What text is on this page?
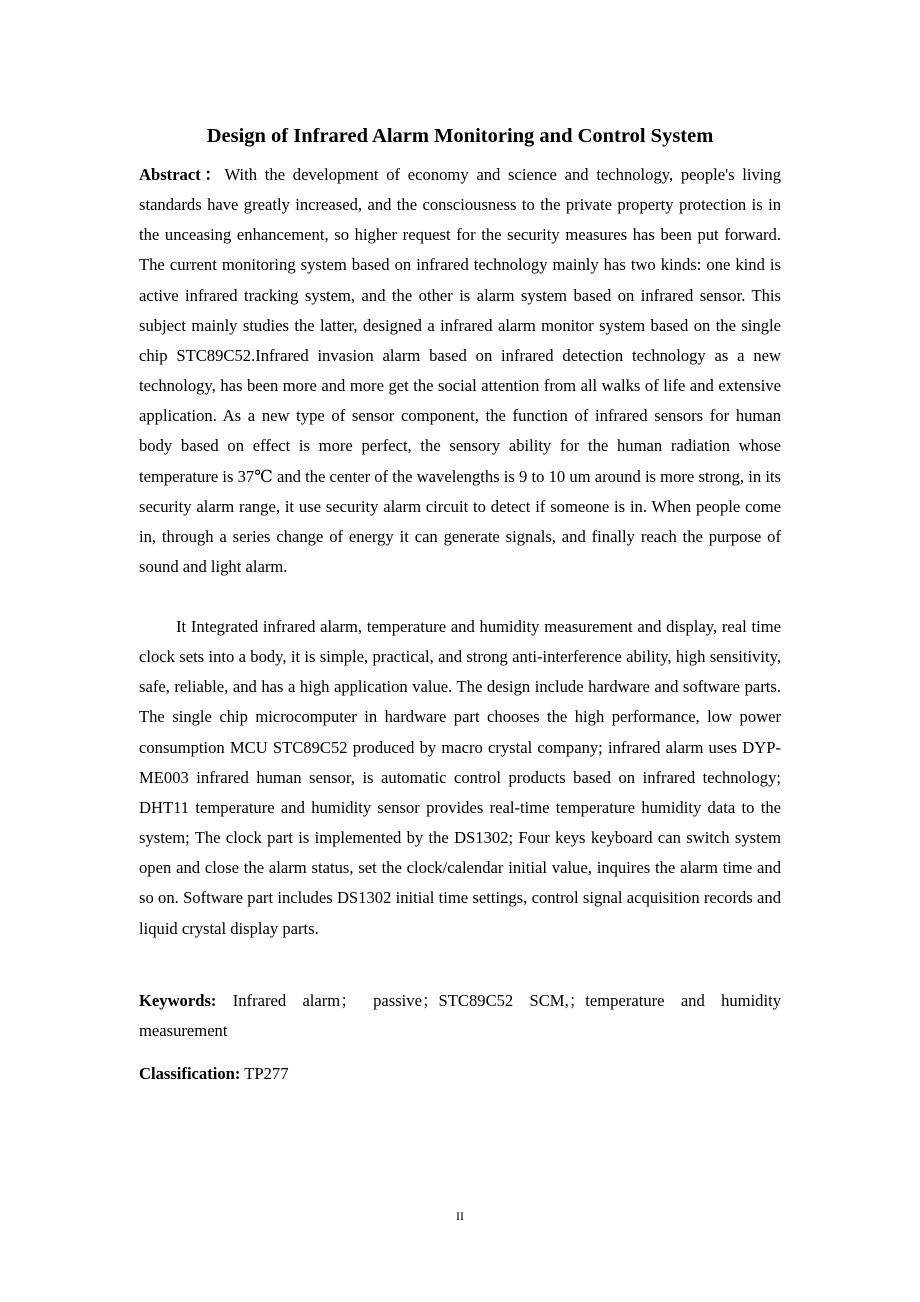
Design of Infrared Alarm Monitoring and Control System

Abstract：With the development of economy and science and technology, people's living standards have greatly increased, and the consciousness to the private property protection is in the unceasing enhancement, so higher request for the security measures has been put forward. The current monitoring system based on infrared technology mainly has two kinds: one kind is active infrared tracking system, and the other is alarm system based on infrared sensor. This subject mainly studies the latter, designed a infrared alarm monitor system based on the single chip STC89C52.Infrared invasion alarm based on infrared detection technology as a new technology, has been more and more get the social attention from all walks of life and extensive application. As a new type of sensor component, the function of infrared sensors for human body based on effect is more perfect, the sensory ability for the human radiation whose temperature is 37℃ and the center of the wavelengths is 9 to 10 um around is more strong, in its security alarm range, it use security alarm circuit to detect if someone is in. When people come in, through a series change of energy it can generate signals, and finally reach the purpose of sound and light alarm.

It Integrated infrared alarm, temperature and humidity measurement and display, real time clock sets into a body, it is simple, practical, and strong anti-interference ability, high sensitivity, safe, reliable, and has a high application value. The design include hardware and software parts. The single chip microcomputer in hardware part chooses the high performance, low power consumption MCU STC89C52 produced by macro crystal company; infrared alarm uses DYP-ME003 infrared human sensor, is automatic control products based on infrared technology; DHT11 temperature and humidity sensor provides real-time temperature humidity data to the system; The clock part is implemented by the DS1302; Four keys keyboard can switch system open and close the alarm status, set the clock/calendar initial value, inquires the alarm time and so on. Software part includes DS1302 initial time settings, control signal acquisition records and liquid crystal display parts.

Keywords: Infrared alarm； passive；STC89C52 SCM,；temperature and humidity measurement

Classification: TP277

II
